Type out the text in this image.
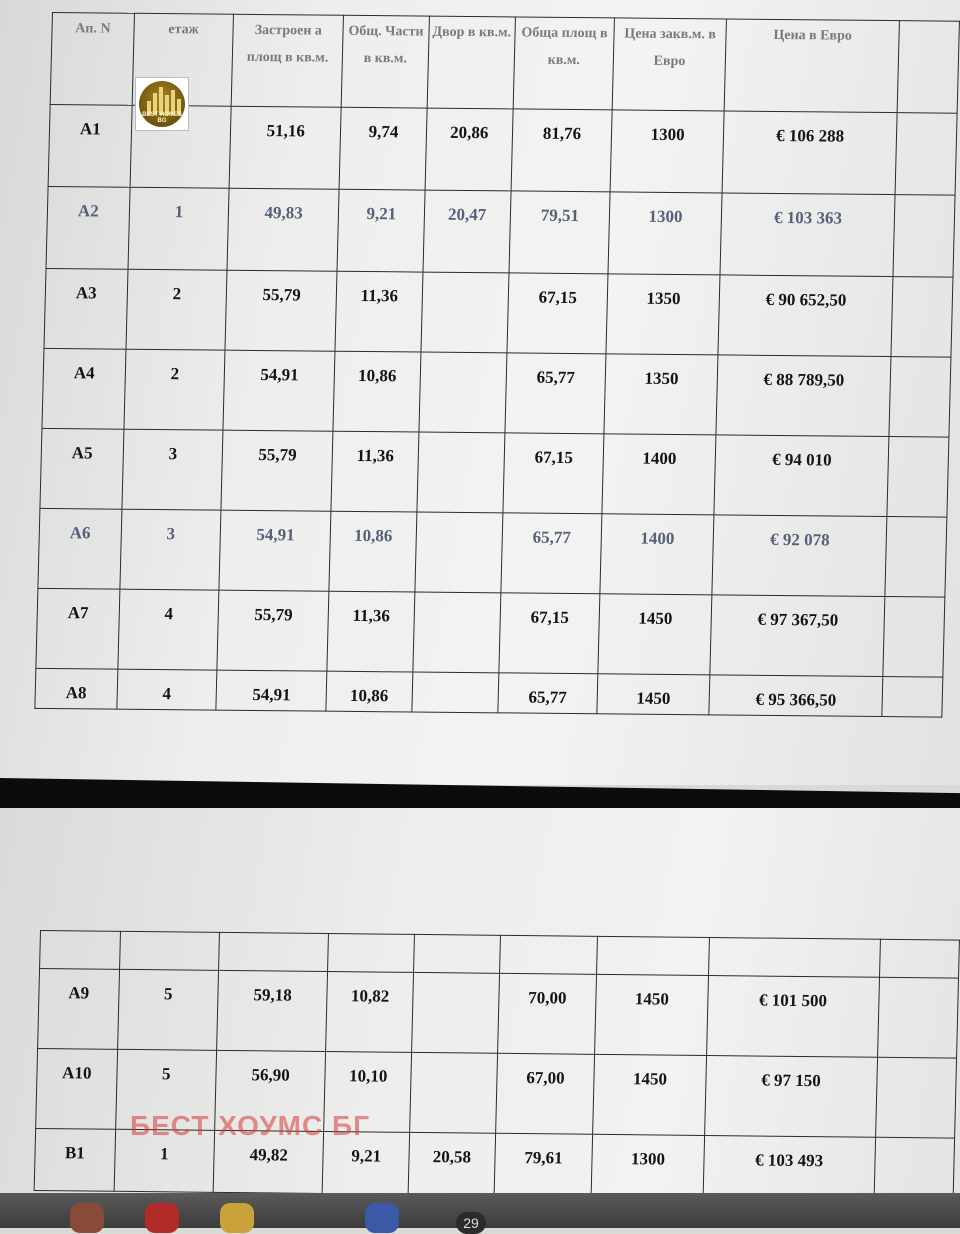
Ап. N	етаж	Застроен а площ в кв.м.	Общ. Части в кв.м.	Двор в кв.м.	Обща площ в кв.м.	Цена закв.м. в Евро	Цена в Евро	
A1		51,16	9,74	20,86	81,76	1300	€ 106 288	
A2	1	49,83	9,21	20,47	79,51	1300	€ 103 363	
A3	2	55,79	11,36		67,15	1350	€ 90 652,50	
A4	2	54,91	10,86		65,77	1350	€ 88 789,50	
A5	3	55,79	11,36		67,15	1400	€ 94 010	
A6	3	54,91	10,86		65,77	1400	€ 92 078	
A7	4	55,79	11,36		67,15	1450	€ 97 367,50	
A8	4	54,91	10,86		65,77	1450	€ 95 366,50	
BEST HOMES BG

A9	5	59,18	10,82		70,00	1450	€ 101 500	
A10	5	56,90	10,10		67,00	1450	€ 97 150	
B1	1	49,82	9,21	20,58	79,61	1300	€ 103 493	
БЕСТ ХОУМС БГ
29
